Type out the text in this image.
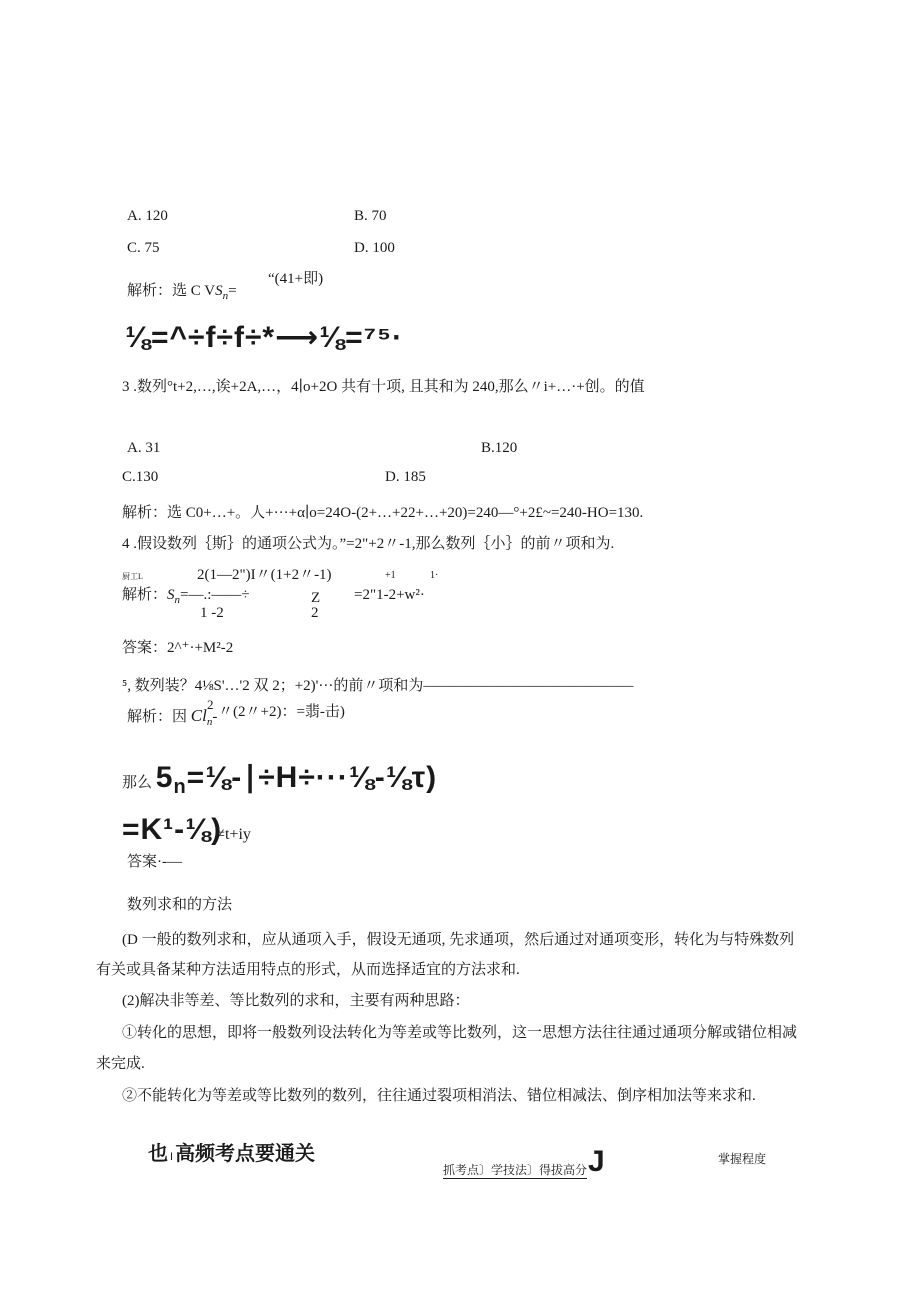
A. 120	B. 70
C. 75	D. 100
解析：选 C $VS_n=$
“(41+即)
⅛=^÷f÷f÷*⟶⅛=⁷⁵·
3 .数列°t+2,…,诶+2A,…，4∣o+2O 共有十项, 且其和为 240,那么〃i+…·+创。的值
A. 31	B.120
C.130	D. 185
解析：选 C0+…+。人+···+α∣o=24O-(2+…+22+…+20)=240—°+2£~=240-HO=130.
4 .假设数列｛斯｝的通项公式为。”=2"+2〃-1,那么数列｛小｝的前〃项和为.
厨工L	2(1—2")I〃(1+2〃-1)	+1	1·
解析：$S_n=—.:——\div$	Z =2"1-2+w²·
1 -2	2
答案：2^⁺·+M²-2
⁵, 数列装？4⅛S'…'2 双 2；+2)'···的前〃项和为——————————————
2
解析：因 $Cl_n-$ 〃(2〃+2)：=翡-击)
那么 $5_n=\frac{1}{8}-∣\div H\div\cdot\cdot\cdot\frac{1}{8}-\frac{1}{8}\tau$)
=K¹-⅛)≠t+iy
答案·-—
数列求和的方法
(D 一般的数列求和，应从通项入手，假设无通项, 先求通项，然后通过对通项变形，转化为与特殊数列
有关或具备某种方法适用特点的形式，从而选择适宜的方法求和.
(2)解决非等差、等比数列的求和，主要有两种思路：
①转化的思想，即将一般数列设法转化为等差或等比数列，这一思想方法往往通过通项分解或错位相减
来完成.
②不能转化为等差或等比数列的数列，往往通过裂项相消法、错位相减法、倒序相加法等来求和.
也 I 高频考点要通关
抓考点〕学技法〕得拔高分 J	掌握程度
